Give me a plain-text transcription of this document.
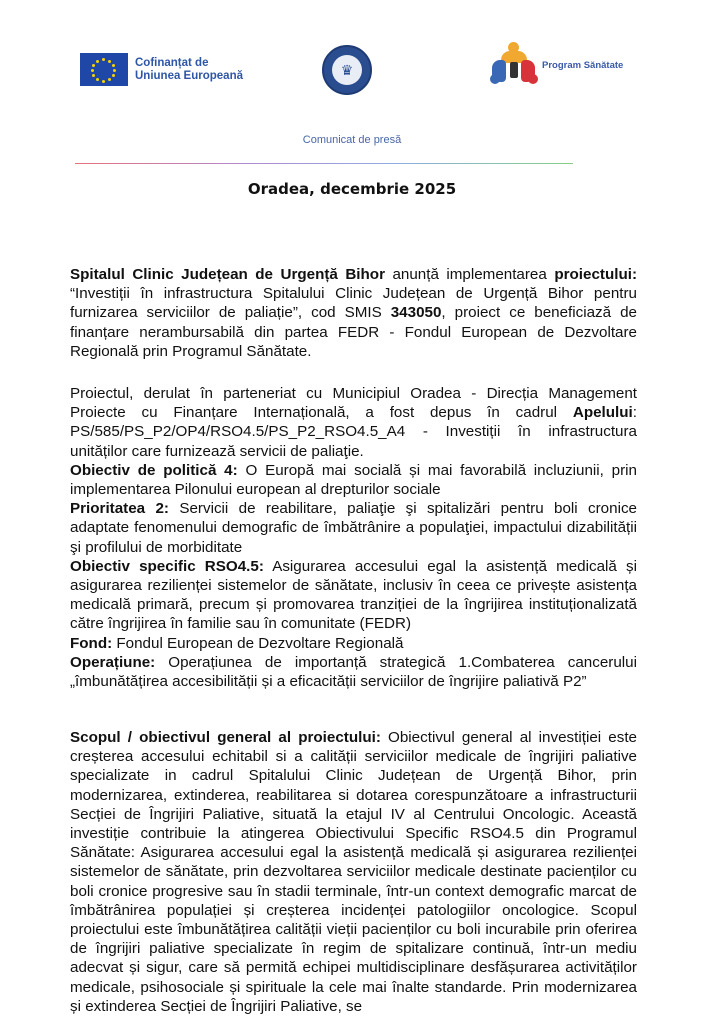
Cofinanțat de
Uniunea Europeană	♛	Program Sănătate
Comunicat de presă
Oradea, decembrie 2025

Spitalul Clinic Județean de Urgență Bihor anunță implementarea proiectului: “Investiții în infrastructura Spitalului Clinic Județean de Urgență Bihor pentru furnizarea serviciilor de paliație”, cod SMIS 343050, proiect ce beneficiază de finanțare nerambursabilă din partea FEDR - Fondul European de Dezvoltare Regională prin Programul Sănătate.

Proiectul, derulat în parteneriat cu Municipiul Oradea - Direcția Management Proiecte cu Finanțare Internațională, a fost depus în cadrul Apelului: PS/585/PS_P2/OP4/RSO4.5/PS_P2_RSO4.5_A4 - Investiții în infrastructura unităților care furnizează servicii de paliaţie.

Obiectiv de politică 4: O Europă mai socială și mai favorabilă incluziunii, prin implementarea Pilonului european al drepturilor sociale

Prioritatea 2: Servicii de reabilitare, paliaţie şi spitalizări pentru boli cronice adaptate fenomenului demografic de îmbătrânire a populaţiei, impactului dizabilității şi profilului de morbiditate

Obiectiv specific RSO4.5: Asigurarea accesului egal la asistență medicală și asigurarea rezilienței sistemelor de sănătate, inclusiv în ceea ce privește asistența medicală primară, precum și promovarea tranziției de la îngrijirea instituționalizată către îngrijirea în familie sau în comunitate (FEDR)

Fond: Fondul European de Dezvoltare Regională

Operațiune: Operațiunea de importanță strategică 1.Combaterea cancerului „îmbunătățirea accesibilității și a eficacității serviciilor de îngrijire paliativă P2”

Scopul / obiectivul general al proiectului: Obiectivul general al investiției este creșterea accesului echitabil si a calității serviciilor medicale de îngrijiri paliative specializate in cadrul Spitalului Clinic Județean de Urgență Bihor, prin modernizarea, extinderea, reabilitarea si dotarea corespunzătoare a infrastructurii Secției de Îngrijiri Paliative, situată la etajul IV al Centrului Oncologic. Această investiție contribuie la atingerea Obiectivului Specific RSO4.5 din Programul Sănătate: Asigurarea accesului egal la asistență medicală și asigurarea rezilienței sistemelor de sănătate, prin dezvoltarea serviciilor medicale destinate pacienților cu boli cronice progresive sau în stadii terminale, într-un context demografic marcat de îmbătrânirea populației și creșterea incidenței patologiilor oncologice. Scopul proiectului este îmbunătățirea calității vieții pacienților cu boli incurabile prin oferirea de îngrijiri paliative specializate în regim de spitalizare continuă, într-un mediu adecvat și sigur, care să permită echipei multidisciplinare desfășurarea activităților medicale, psihosociale și spirituale la cele mai înalte standarde. Prin modernizarea și extinderea Secției de Îngrijiri Paliative, se
